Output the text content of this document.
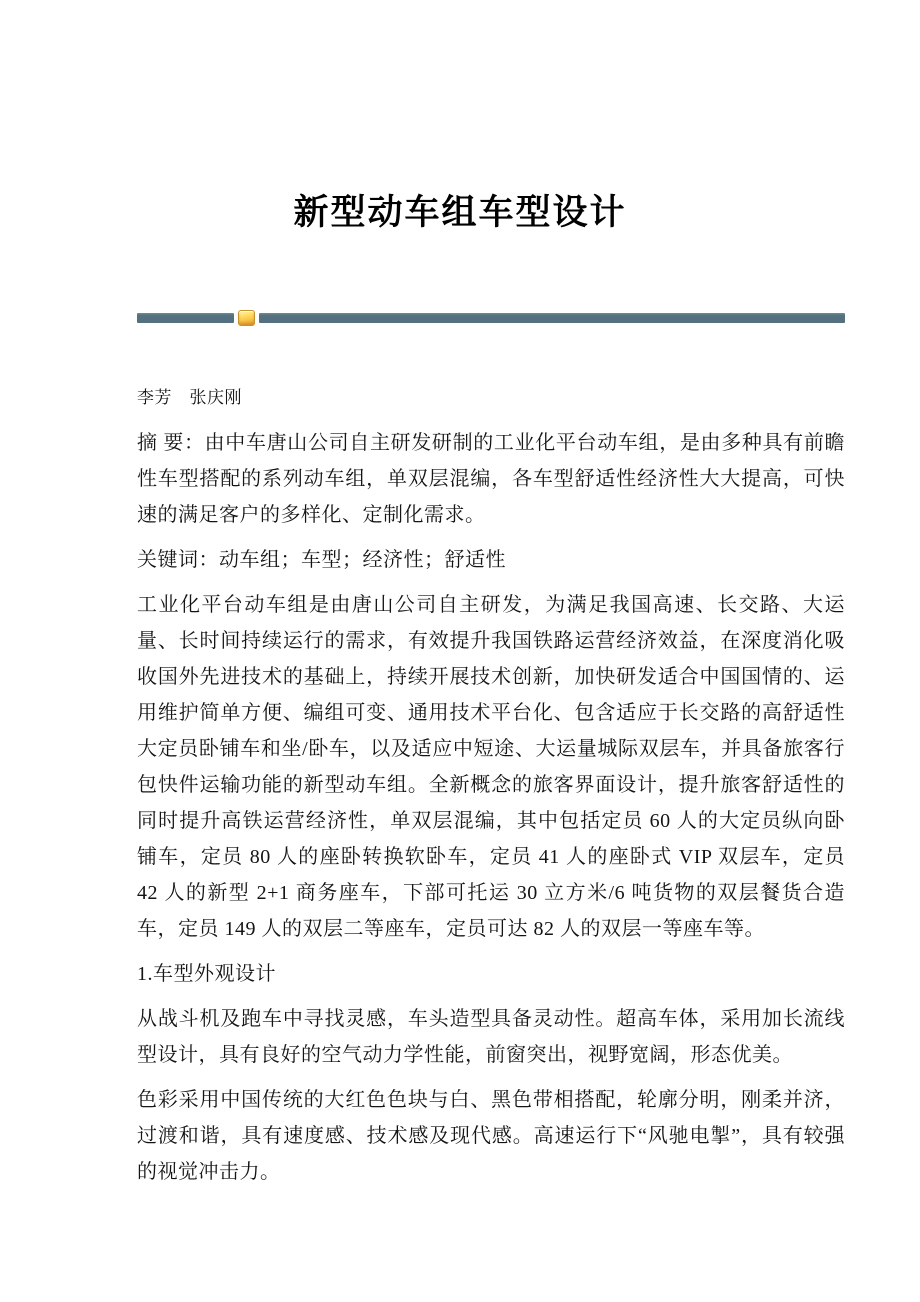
新型动车组车型设计

李芳　张庆刚

摘 要：由中车唐山公司自主研发研制的工业化平台动车组，是由多种具有前瞻性车型搭配的系列动车组，单双层混编，各车型舒适性经济性大大提高，可快速的满足客户的多样化、定制化需求。

关键词：动车组；车型；经济性；舒适性

工业化平台动车组是由唐山公司自主研发，为满足我国高速、长交路、大运量、长时间持续运行的需求，有效提升我国铁路运营经济效益，在深度消化吸收国外先进技术的基础上，持续开展技术创新，加快研发适合中国国情的、运用维护简单方便、编组可变、通用技术平台化、包含适应于长交路的高舒适性大定员卧铺车和坐/卧车，以及适应中短途、大运量城际双层车，并具备旅客行包快件运输功能的新型动车组。全新概念的旅客界面设计，提升旅客舒适性的同时提升高铁运营经济性，单双层混编，其中包括定员 60 人的大定员纵向卧铺车，定员 80 人的座卧转换软卧车，定员 41 人的座卧式 VIP 双层车，定员 42 人的新型 2+1 商务座车，下部可托运 30 立方米/6 吨货物的双层餐货合造车，定员 149 人的双层二等座车，定员可达 82 人的双层一等座车等。

1.车型外观设计

从战斗机及跑车中寻找灵感，车头造型具备灵动性。超高车体，采用加长流线型设计，具有良好的空气动力学性能，前窗突出，视野宽阔，形态优美。

色彩采用中国传统的大红色色块与白、黑色带相搭配，轮廓分明，刚柔并济，过渡和谐，具有速度感、技术感及现代感。高速运行下“风驰电掣”，具有较强的视觉冲击力。
